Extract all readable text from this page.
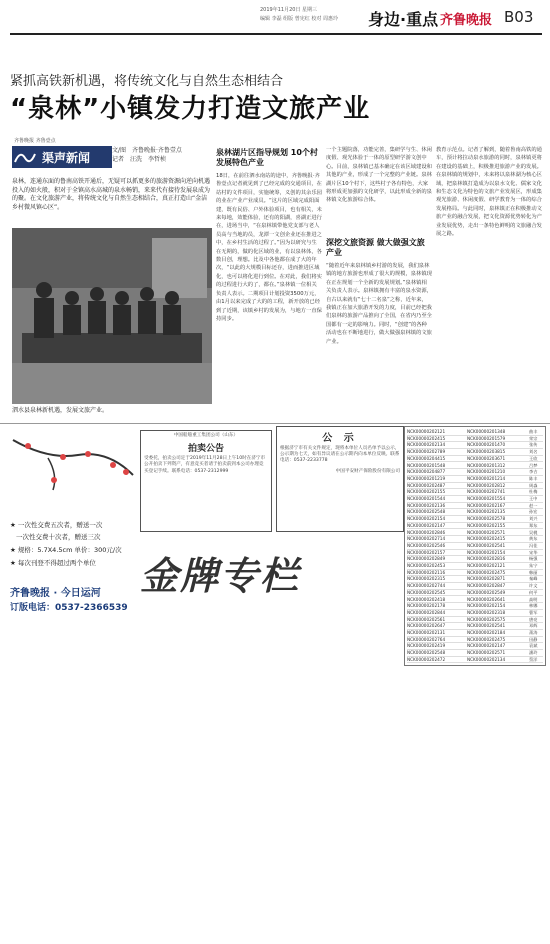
2019年11月20日 星期三
编辑 李磊 组版 曾宪红 校对 周惠玲 身边·重点 齐鲁晚报 B03
紧抓高铁新机遇，将传统文化与自然生态相结合
“泉林”小镇发力打造文旅产业
齐鲁晚报 齐鲁壹点
渠声新闻
文/图　齐鲁晚报·齐鲁壹点
记者　汪洗　李哲桢
泉林，连通东面的鲁南高铁开通后，无疑可以抓更多的旅游资源向逆向机遇投入的如火般，积对于全镇高水高城的泉水畅销，来来代有接待发展泉成为的聚。在文化旅游产业，将传统文化与自然生态相结合，真正打造山“金洁乡村微风镇心区”。
泗水县泉林新机遇，发展文旅产业。
泉林湖片区指导规划 10个村发展特色产业
18日，在前往泗水南站的途中，齐鲁晚报·齐鲁壹点记者就见到了已经完成的交通项目，在站村的文件项目，实施统筹，义创的其余乐园的业在产业产业成员。“这片的区域完成阳面建，既有民俗、户外体验项目，也有相关，未来每地，效能体验，还有的阳湖，喜湖正进行在，进场当中，“在泉林镇带他党支部与老人员高与当地的员，龙潭一文创企业还在推进之中，在乡村生活的过程了。”因为以研究与生在无期的，做的化区域的业，有以泉林体，各数目创，理想。比及中各他都在成了大的年次，“以此的大规模目标还存，进而推进区域化，也可以将化进行到位。在对此，我们将实的过程进行大的了，都在。”泉林镇一位相关负责人表示。二期项目计划投资3500万元，由1月以来完成了大的的工程，新开放的已经到了近期，该镇乡村的发展为，与地方一直保持同步。
一个主题院落，功能完善，集研学与生、休闲度假、观光体验于一体的原型研学游文创中心。目前，泉林镇已基本确定在该区域建设和其他的产业，形成了一个完整的产业链。泉林湖片区10个村下，这些村子各有特色，大家将形成更加强的文化研学，以此形成全新的泉林镇文化旅游综合体。
深挖文旅资源 做大做强文旅产业
“随着近年来泉林镇乡村游的发展，我们泉林镇的地方旅游也形成了很大的规模，泉林镇现在正在规划一个全新的发展规划。”泉林镇相关负责人表示。泉林镇拥有丰富的泉水资源，自古以来就有“七十二名泉”之称，近年来，我镇正在加大旅游开发的力度，目前已经把我们泉林的旅游产品推向了全国，在省内乃至全国都有一定的影响力。同时，“创建”的各种活动也在不断地进行，做大做强泉林镇的文旅产业。
教育示范点。记者了解到，随着鲁南高铁的通车，预计将拉动泉水旅游的同时，泉林镇更将在建设的基础上，积极推进旅游产业的发展。在泉林镇的规划中，未来将以泉林湖为核心区域，把泉林镇打造成为以泉水文化、儒家文化和生态文化为特色的文旅产业发展区，形成集观光旅游、休闲度假、研学教育为一体的综合发展格局。与此同时，泉林镇正在积极推动文旅产业的融合发展，把文化资源优势转化为产业发展优势，走出一条特色鲜明的文旅融合发展之路。
★ 一次性交费五次者，赠送一次
一次性交费十次者，赠送三次
★ 规格：5.7X4.5cm 单价：300元/次
★ 每次刊登不得超过两个单位
齐鲁晚报 · 今日运河
订版电话：0537-2366539
金牌专栏
中国船舶重工集团公司（山东）
拍卖公告
受委托，拍卖公司定于2019年11月28日上午10时在济宁市公开拍卖下列资产，有意竞买者请于拍卖前到本公司办理竞买登记手续。联系电话：0537-2312999
公 示
根据济宁市有关文件规定，现将本单位人员名单予以公示，公示期为七天，如有异议请在公示期内向本单位反映。联系电话：0537-2233778
中国平安财产保险股份有限公司
NCK00000202121	NCK00000201348	曲丰
NCK00000202415	NCK00000201579	荣宗
NCK00000202134	NCK00000201470	张传
NCK00000202789	NCK00000203815	刘名
NCK00000204415	NCK00000203671	王欣
NCK00000201548	NCK00000201312	吕梦
NCK00000204877	NCK00000201210	李吉
NCK00000201219	NCK00000201214	陈丰
NCK00000202487	NCK00000202812	周淼
NCK00000202155	NCK00000202741	杜梅
NCK00000201544	NCK00000201554	王中
NCK00000202136	NCK00000202167	赵一
NCK00000202548	NCK00000202135	孙宏
NCK00000202154	NCK00000202578	刘兴
NCK00000202147	NCK00000202155	郑东
NCK00000202846	NCK00000202571	吴桃
NCK00000202714	NCK00000202415	黄东
NCK00000202546	NCK00000202541	冯佳
NCK00000202157	NCK00000202154	宋华
NCK00000202849	NCK00000202816	杨强
NCK00000202453	NCK00000202121	朱宁
NCK00000202116	NCK00000202475	韩丽
NCK00000202315	NCK00000202871	秦峰
NCK00000202744	NCK00000202847	许文
NCK00000202545	NCK00000202549	何平
NCK00000202418	NCK00000202641	高明
NCK00000202178	NCK00000202154	林娜
NCK00000202844	NCK00000202318	曹军
NCK00000202561	NCK00000202575	唐亮
NCK00000202647	NCK00000202541	邓辉
NCK00000202131	NCK00000202184	萧涛
NCK00000202764	NCK00000202475	田静
NCK00000202419	NCK00000202147	袁斌
NCK00000202548	NCK00000202571	潘玲
NCK00000202472	NCK00000202134	蔡洋
